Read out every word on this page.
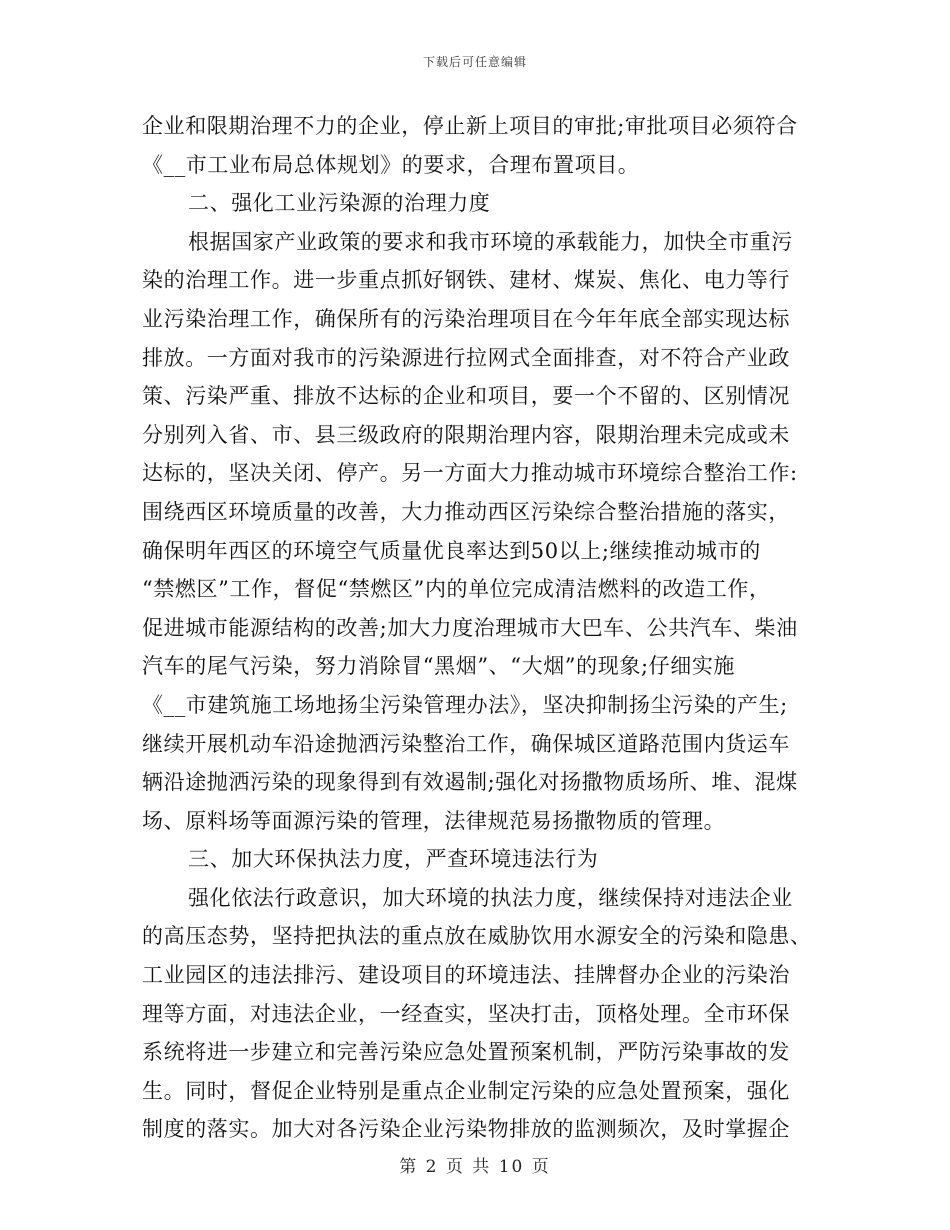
下载后可任意编辑
企业和限期治理不力的企业，停止新上项目的审批;审批项目必须符合
《__市工业布局总体规划》的要求，合理布置项目。
二、强化工业污染源的治理力度
根据国家产业政策的要求和我市环境的承载能力，加快全市重污
染的治理工作。进一步重点抓好钢铁、建材、煤炭、焦化、电力等行
业污染治理工作，确保所有的污染治理项目在今年年底全部实现达标
排放。一方面对我市的污染源进行拉网式全面排查，对不符合产业政
策、污染严重、排放不达标的企业和项目，要一个不留的、区别情况
分别列入省、市、县三级政府的限期治理内容，限期治理未完成或未
达标的，坚决关闭、停产。另一方面大力推动城市环境综合整治工作:
围绕西区环境质量的改善，大力推动西区污染综合整治措施的落实，
确保明年西区的环境空气质量优良率达到50以上;继续推动城市的
“禁燃区”工作，督促“禁燃区”内的单位完成清洁燃料的改造工作，
促进城市能源结构的改善;加大力度治理城市大巴车、公共汽车、柴油
汽车的尾气污染，努力消除冒“黑烟”、“大烟”的现象;仔细实施
《__市建筑施工场地扬尘污染管理办法》，坚决抑制扬尘污染的产生;
继续开展机动车沿途抛洒污染整治工作，确保城区道路范围内货运车
辆沿途抛洒污染的现象得到有效遏制;强化对扬撒物质场所、堆、混煤
场、原料场等面源污染的管理，法律规范易扬撒物质的管理。
三、加大环保执法力度，严查环境违法行为
强化依法行政意识，加大环境的执法力度，继续保持对违法企业
的高压态势，坚持把执法的重点放在威胁饮用水源安全的污染和隐患、
工业园区的违法排污、建设项目的环境违法、挂牌督办企业的污染治
理等方面，对违法企业，一经查实，坚决打击，顶格处理。全市环保
系统将进一步建立和完善污染应急处置预案机制，严防污染事故的发
生。同时，督促企业特别是重点企业制定污染的应急处置预案，强化
制度的落实。加大对各污染企业污染物排放的监测频次，及时掌握企
第 2 页 共 10 页
